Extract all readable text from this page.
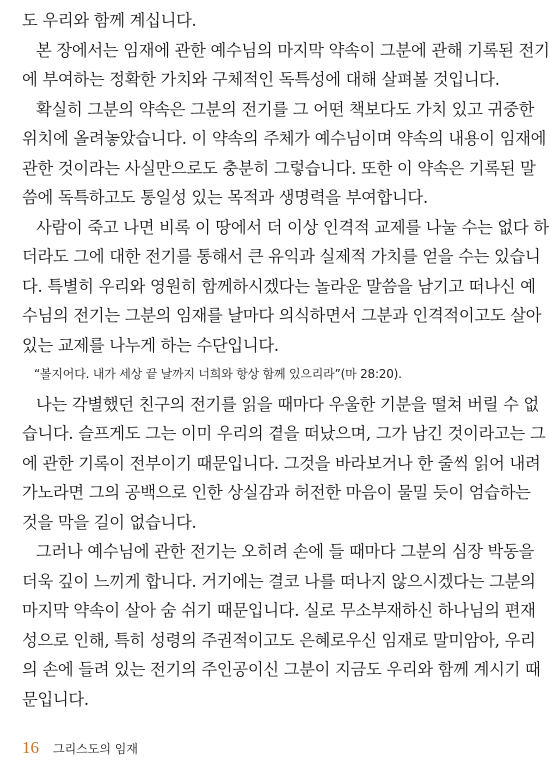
도 우리와 함께 계십니다.
본 장에서는 임재에 관한 예수님의 마지막 약속이 그분에 관해 기록된 전기
에 부여하는 정확한 가치와 구체적인 독특성에 대해 살펴볼 것입니다.
확실히 그분의 약속은 그분의 전기를 그 어떤 책보다도 가치 있고 귀중한
위치에 올려놓았습니다. 이 약속의 주체가 예수님이며 약속의 내용이 임재에
관한 것이라는 사실만으로도 충분히 그렇습니다. 또한 이 약속은 기록된 말
씀에 독특하고도 통일성 있는 목적과 생명력을 부여합니다.
사람이 죽고 나면 비록 이 땅에서 더 이상 인격적 교제를 나눌 수는 없다 하
더라도 그에 대한 전기를 통해서 큰 유익과 실제적 가치를 얻을 수는 있습니
다. 특별히 우리와 영원히 함께하시겠다는 놀라운 말씀을 남기고 떠나신 예
수님의 전기는 그분의 임재를 날마다 의식하면서 그분과 인격적이고도 살아
있는 교제를 나누게 하는 수단입니다.
“볼지어다. 내가 세상 끝 날까지 너희와 항상 함께 있으리라”(마 28:20).
나는 각별했던 친구의 전기를 읽을 때마다 우울한 기분을 떨쳐 버릴 수 없
습니다. 슬프게도 그는 이미 우리의 곁을 떠났으며, 그가 남긴 것이라고는 그
에 관한 기록이 전부이기 때문입니다. 그것을 바라보거나 한 줄씩 읽어 내려
가노라면 그의 공백으로 인한 상실감과 허전한 마음이 물밀 듯이 엄습하는
것을 막을 길이 없습니다.
그러나 예수님에 관한 전기는 오히려 손에 들 때마다 그분의 심장 박동을
더욱 깊이 느끼게 합니다. 거기에는 결코 나를 떠나지 않으시겠다는 그분의
마지막 약속이 살아 숨 쉬기 때문입니다. 실로 무소부재하신 하나님의 편재
성으로 인해, 특히 성령의 주권적이고도 은혜로우신 임재로 말미암아, 우리
의 손에 들려 있는 전기의 주인공이신 그분이 지금도 우리와 함께 계시기 때
문입니다.
16 그리스도의 임재
